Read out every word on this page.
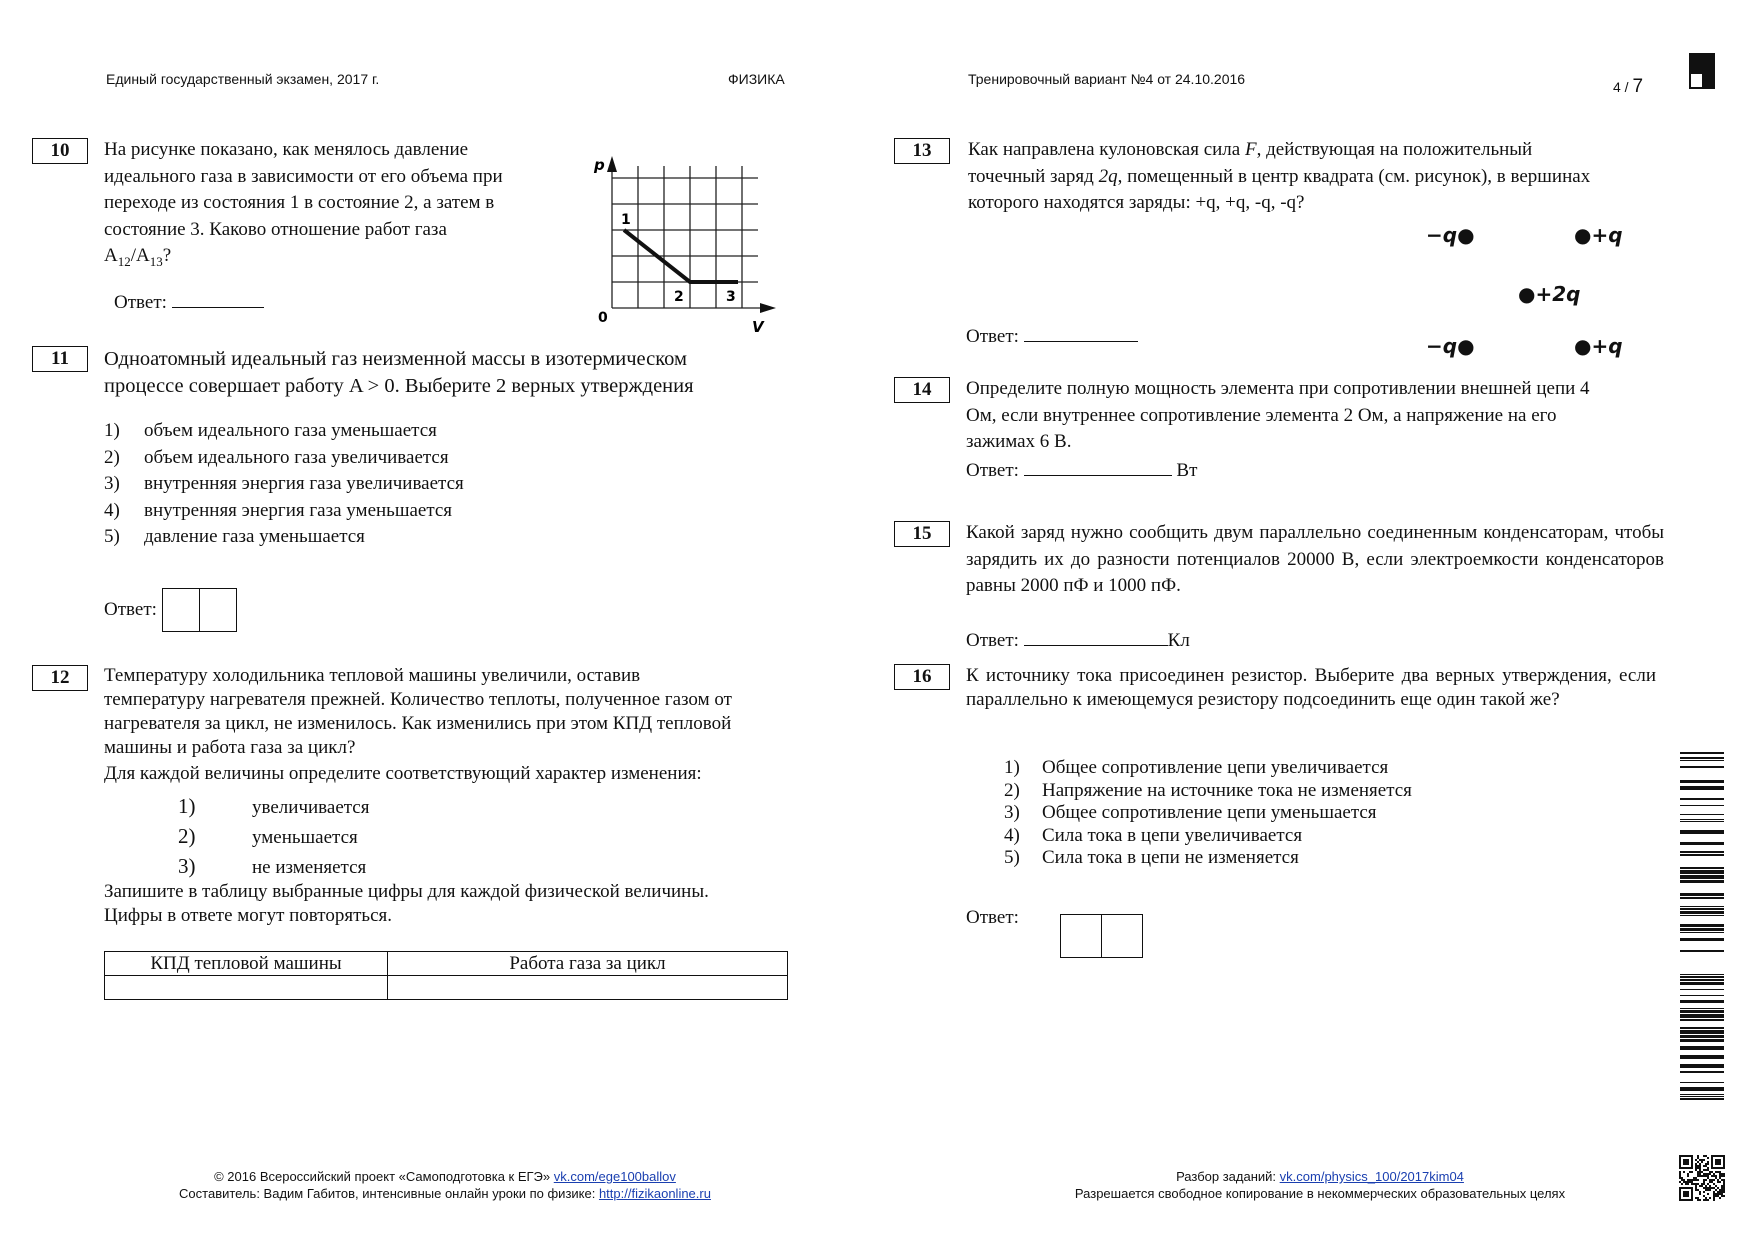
Единый государственный экзамен, 2017 г.	ФИЗИКА	Тренировочный вариант №4 от 24.10.2016	4 / 7
10	На рисунке показано, как менялось давление
идеального газа в зависимости от его объема при
переходе из состояния 1 в состояние 2, а затем в
состояние 3. Каково отношение работ газа
$A_{12}/A_{13}$?
Ответ:
p
V
0
1
2	3
11	Одноатомный идеальный газ неизменной массы в изотермическом
процессе совершает работу A > 0. Выберите 2 верных утверждения
1) объем идеального газа уменьшается
2) объем идеального газа увеличивается
3) внутренняя энергия газа увеличивается
4) внутренняя энергия газа уменьшается
5) давление газа уменьшается
Ответ:
12	Температуру холодильника тепловой машины увеличили, оставив
температуру нагревателя прежней. Количество теплоты, полученное газом от
нагревателя за цикл, не изменилось. Как изменились при этом КПД тепловой
машины и работа газа за цикл?
Для каждой величины определите соответствующий характер изменения:
1)	увеличивается
2)	уменьшается
3)	не изменяется
Запишите в таблицу выбранные цифры для каждой физической величины.
Цифры в ответе могут повторяться.
КПД тепловой машины	Работа газа за цикл

13	Как направлена кулоновская сила F, действующая на положительный
точечный заряд 2q, помещенный в центр квадрата (см. рисунок), в вершинах
которого находятся заряды: +q, +q, -q, -q?
−q●	●+q
●+2q
−q●	●+q
Ответ:
14	Определите полную мощность элемента при сопротивлении внешней цепи 4
Ом, если внутреннее сопротивление элемента 2 Ом, а напряжение на его
зажимах 6 В.
Ответ:	Вт
15	Какой заряд нужно сообщить двум параллельно соединенным конденсаторам, чтобы зарядить их до разности потенциалов 20000 В, если электроемкости конденсаторов равны 2000 пФ и 1000 пФ.
Ответ:	Кл
16	К источнику тока присоединен резистор. Выберите два верных утверждения, если параллельно к имеющемуся резистору подсоединить еще один такой же?
1) Общее сопротивление цепи увеличивается
2) Напряжение на источнике тока не изменяется
3) Общее сопротивление цепи уменьшается
4) Сила тока в цепи увеличивается
5) Сила тока в цепи не изменяется
Ответ:
© 2016 Всероссийский проект «Самоподготовка к ЕГЭ» vk.com/ege100ballov
Составитель: Вадим Габитов, интенсивные онлайн уроки по физике: http://fizikaonline.ru
Разбор заданий: vk.com/physics_100/2017kim04
Разрешается свободное копирование в некоммерческих образовательных целях
